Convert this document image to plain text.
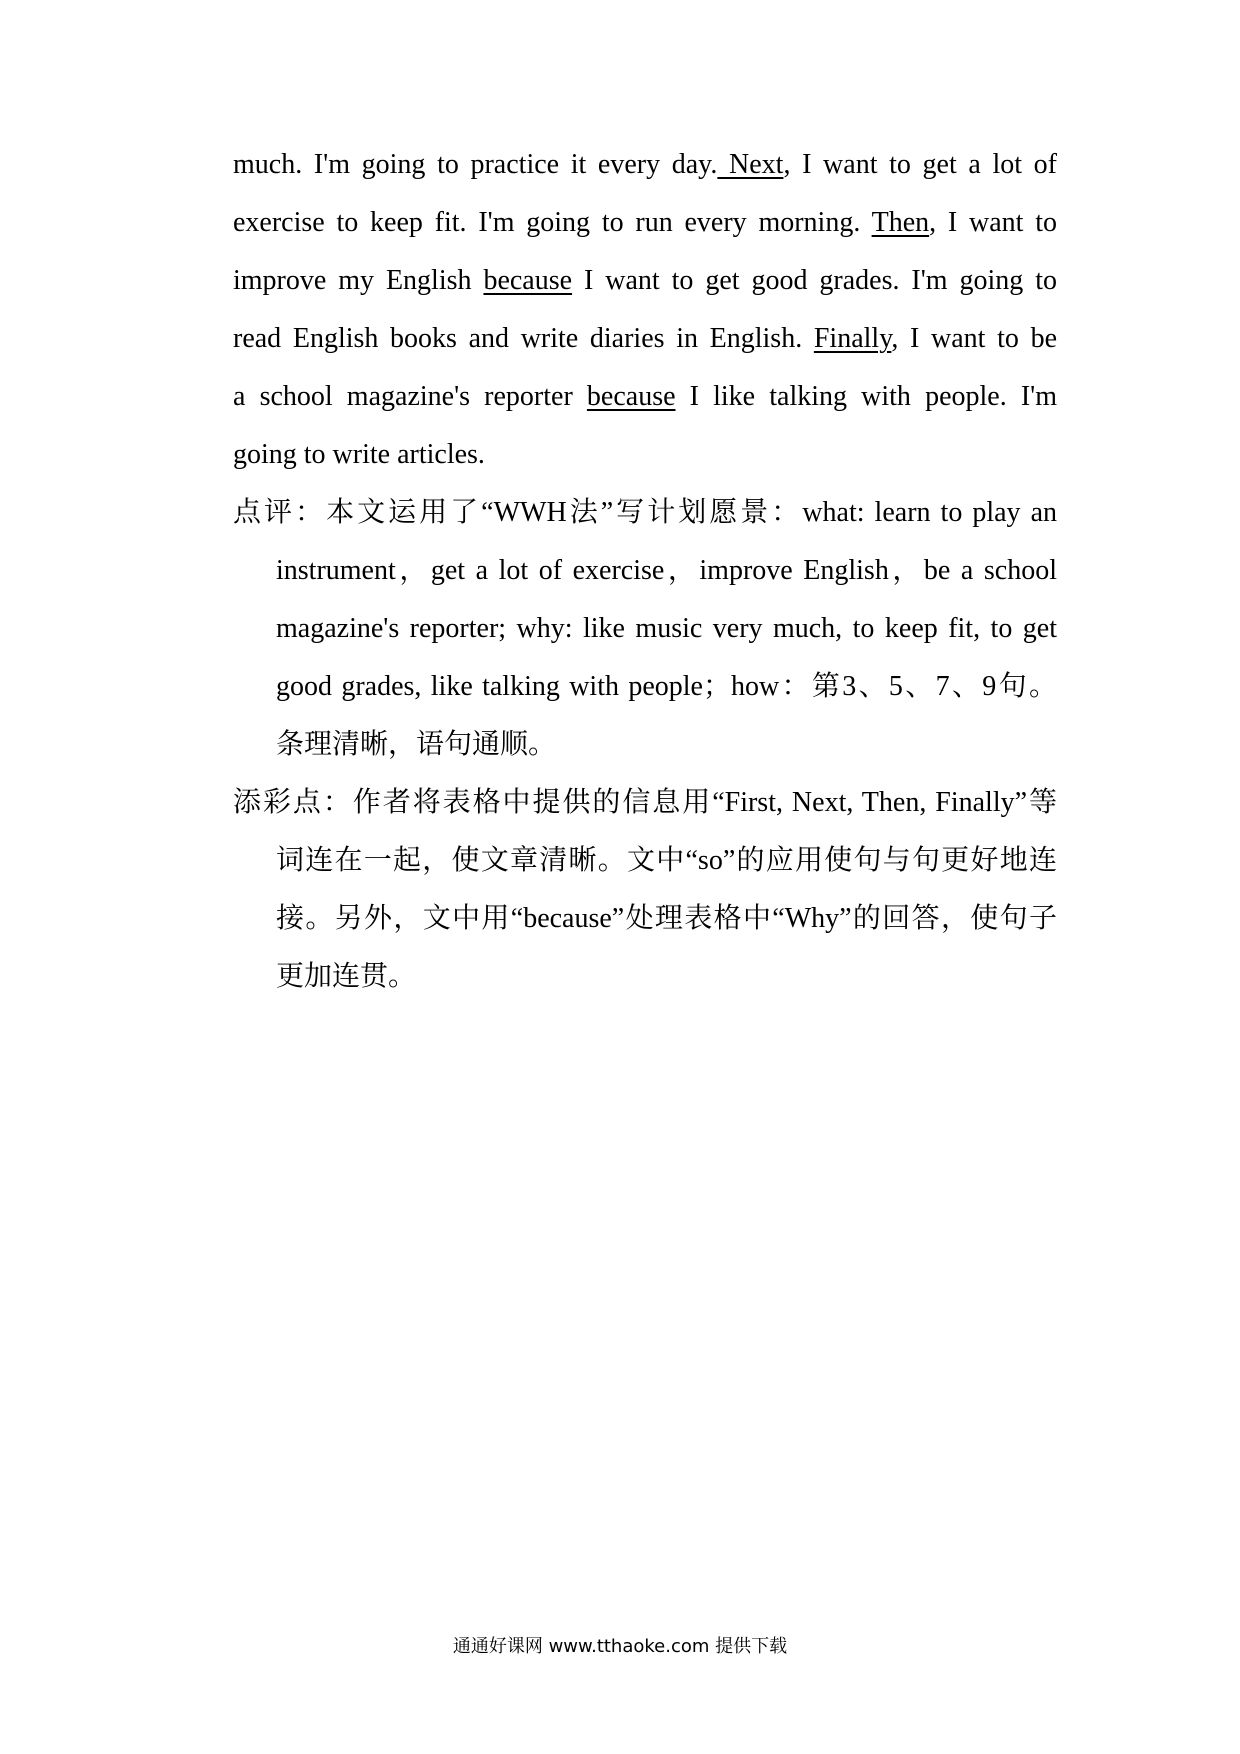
much. I'm going to practice it every day. Next, I want to get a lot of
exercise to keep fit. I'm going to run every morning. Then, I want to
improve my English because I want to get good grades. I'm going to
read English books and write diaries in English. Finally, I want to be
a school magazine's reporter because I like talking with people. I'm
going to write articles.
点评：本文运用了“WWH法”写计划愿景：what: learn to play an
instrument，get a lot of exercise，improve English，be a school
magazine's reporter; why: like music very much, to keep fit, to get
good grades, like talking with people；how：第3、5、7、9句。
条理清晰，语句通顺。
添彩点：作者将表格中提供的信息用“First, Next, Then, Finally”等
词连在一起，使文章清晰。文中“so”的应用使句与句更好地连
接。另外，文中用“because”处理表格中“Why”的回答，使句子
更加连贯。
通通好课网 www.tthaoke.com 提供下载
